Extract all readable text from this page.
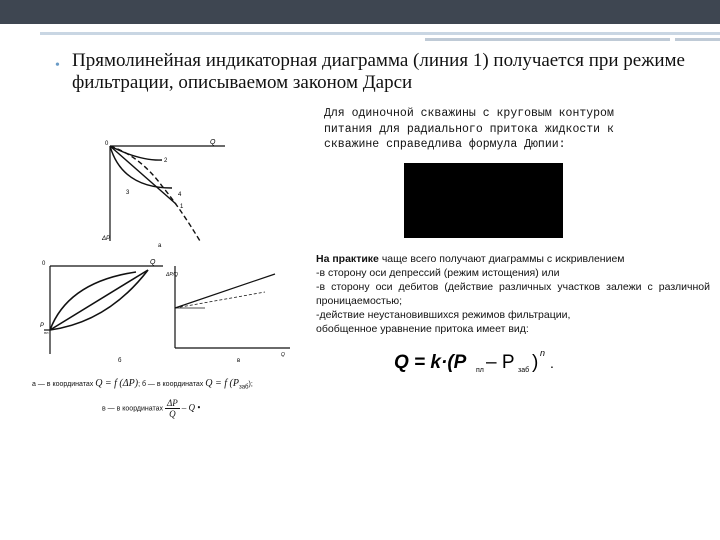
• Прямолинейная индикаторная диаграмма (линия 1) получается при режиме фильтрации, описываемом законом Дарси
Для одиночной скважины с круговым контуром питания для радиального притока жидкости к скважине справедлива формула Дюпии:

На практике чаще всего получают диаграммы с искривлением

-в сторону оси депрессий (режим истощения) или

-в сторону оси дебитов (действие различных участков залежи с различной проницаемостью;

-действие неустановившихся режимов фильтрации,

обобщенное уравнение притока имеет вид:

Q = k·(P пл – P заб ) n
.
0	Q
ΔP
1
2
3	4
а
0	Q
P
пл
б
ΔP/Q
Q
в
а — в координатах Q = f (ΔP); б — в координатах Q = f $(P_{заб})$;
в — в координатах $\frac{\Delta P}{Q}$ – Q •
